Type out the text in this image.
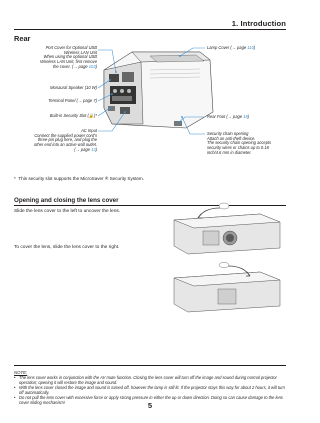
1. Introduction
Rear
Port Cover for Optional USB
Wireless LAN Unit
When using the optional USB
Wireless LAN Unit, first remove
the cover. (→ page 103)
Monaural Speaker (10 W)
Terminal Panel (→ page 7)
Built-in Security Slot (🔒)*
AC Input
Connect the supplied power cord's
three-pin plug here, and plug the
other end into an active wall outlet.
(→ page 13)
Lamp Cover (→ page 110)
Rear Foot (→ page 18)
Security chain opening
Attach an anti-theft device.
The security chain opening accepts
security wires or chains up to 0.18
inch/4.6 mm in diameter.
* This security slot supports the MicroSaver ® Security System.
Opening and closing the lens cover
Slide the lens cover to the left to uncover the lens.
To cover the lens, slide the lens cover to the right.
NOTE:
• The lens cover works in conjunction with the AV mute function. Closing the lens cover will turn off the image and sound during normal projector operation; opening it will restore the image and sound.
• With the lens cover closed the image and sound is turned off, however the lamp is still lit. If the projector stays this way for about 2 hours, it will turn off automatically.
• Do not pull the lens cover with excessive force or apply strong pressure in either the up or down direction. Doing so can cause damage to the lens cover sliding mechanism!	5
